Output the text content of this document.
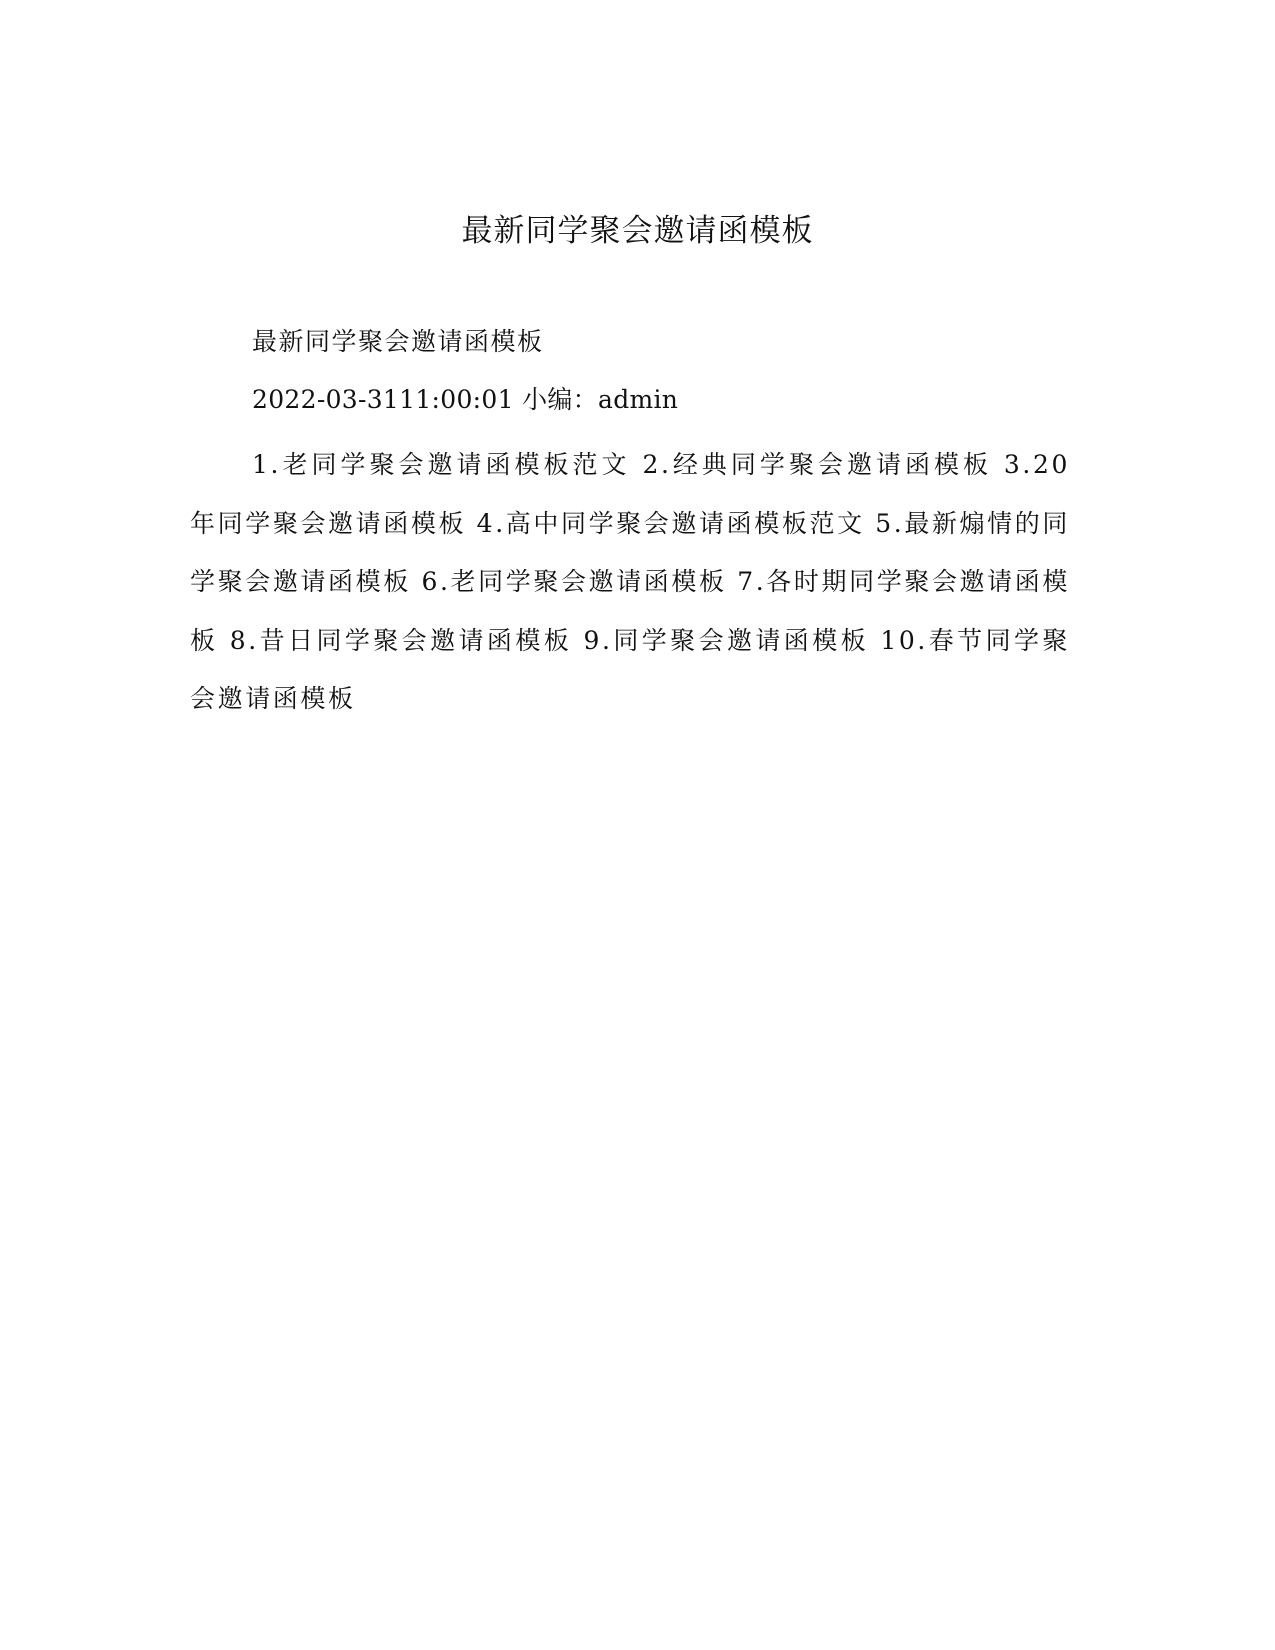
最新同学聚会邀请函模板

最新同学聚会邀请函模板

2022-03-3111:00:01 小编：admin

1.老同学聚会邀请函模板范文 2.经典同学聚会邀请函模板 3.20 年同学聚会邀请函模板 4.高中同学聚会邀请函模板范文 5.最新煽情的同学聚会邀请函模板 6.老同学聚会邀请函模板 7.各时期同学聚会邀请函模板 8.昔日同学聚会邀请函模板 9.同学聚会邀请函模板 10.春节同学聚会邀请函模板
